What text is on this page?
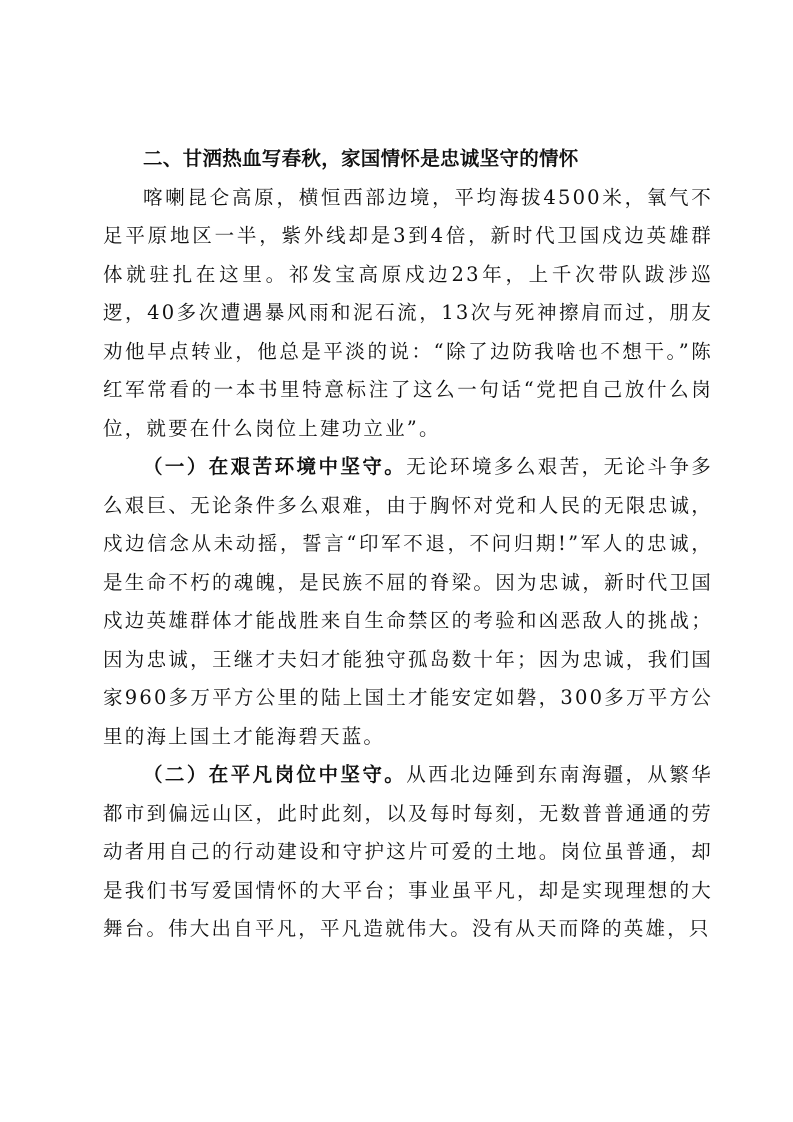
二、甘洒热血写春秋，家国情怀是忠诚坚守的情怀

喀喇昆仑高原，横恒西部边境，平均海拔4500米，氧气不足平原地区一半，紫外线却是3到4倍，新时代卫国戍边英雄群体就驻扎在这里。祁发宝高原戍边23年，上千次带队跋涉巡逻，40多次遭遇暴风雨和泥石流，13次与死神擦肩而过，朋友劝他早点转业，他总是平淡的说：“除了边防我啥也不想干。”陈红军常看的一本书里特意标注了这么一句话“党把自己放什么岗位，就要在什么岗位上建功立业”。

（一）在艰苦环境中坚守。无论环境多么艰苦，无论斗争多么艰巨、无论条件多么艰难，由于胸怀对党和人民的无限忠诚，戍边信念从未动摇，誓言“印军不退，不问归期!”军人的忠诚，是生命不朽的魂魄，是民族不屈的脊梁。因为忠诚，新时代卫国戍边英雄群体才能战胜来自生命禁区的考验和凶恶敌人的挑战；因为忠诚，王继才夫妇才能独守孤岛数十年；因为忠诚，我们国家960多万平方公里的陆上国土才能安定如磐，300多万平方公里的海上国土才能海碧天蓝。

（二）在平凡岗位中坚守。从西北边陲到东南海疆，从繁华都市到偏远山区，此时此刻，以及每时每刻，无数普普通通的劳动者用自己的行动建设和守护这片可爱的土地。岗位虽普通，却是我们书写爱国情怀的大平台；事业虽平凡，却是实现理想的大舞台。伟大出自平凡，平凡造就伟大。没有从天而降的英雄，只
